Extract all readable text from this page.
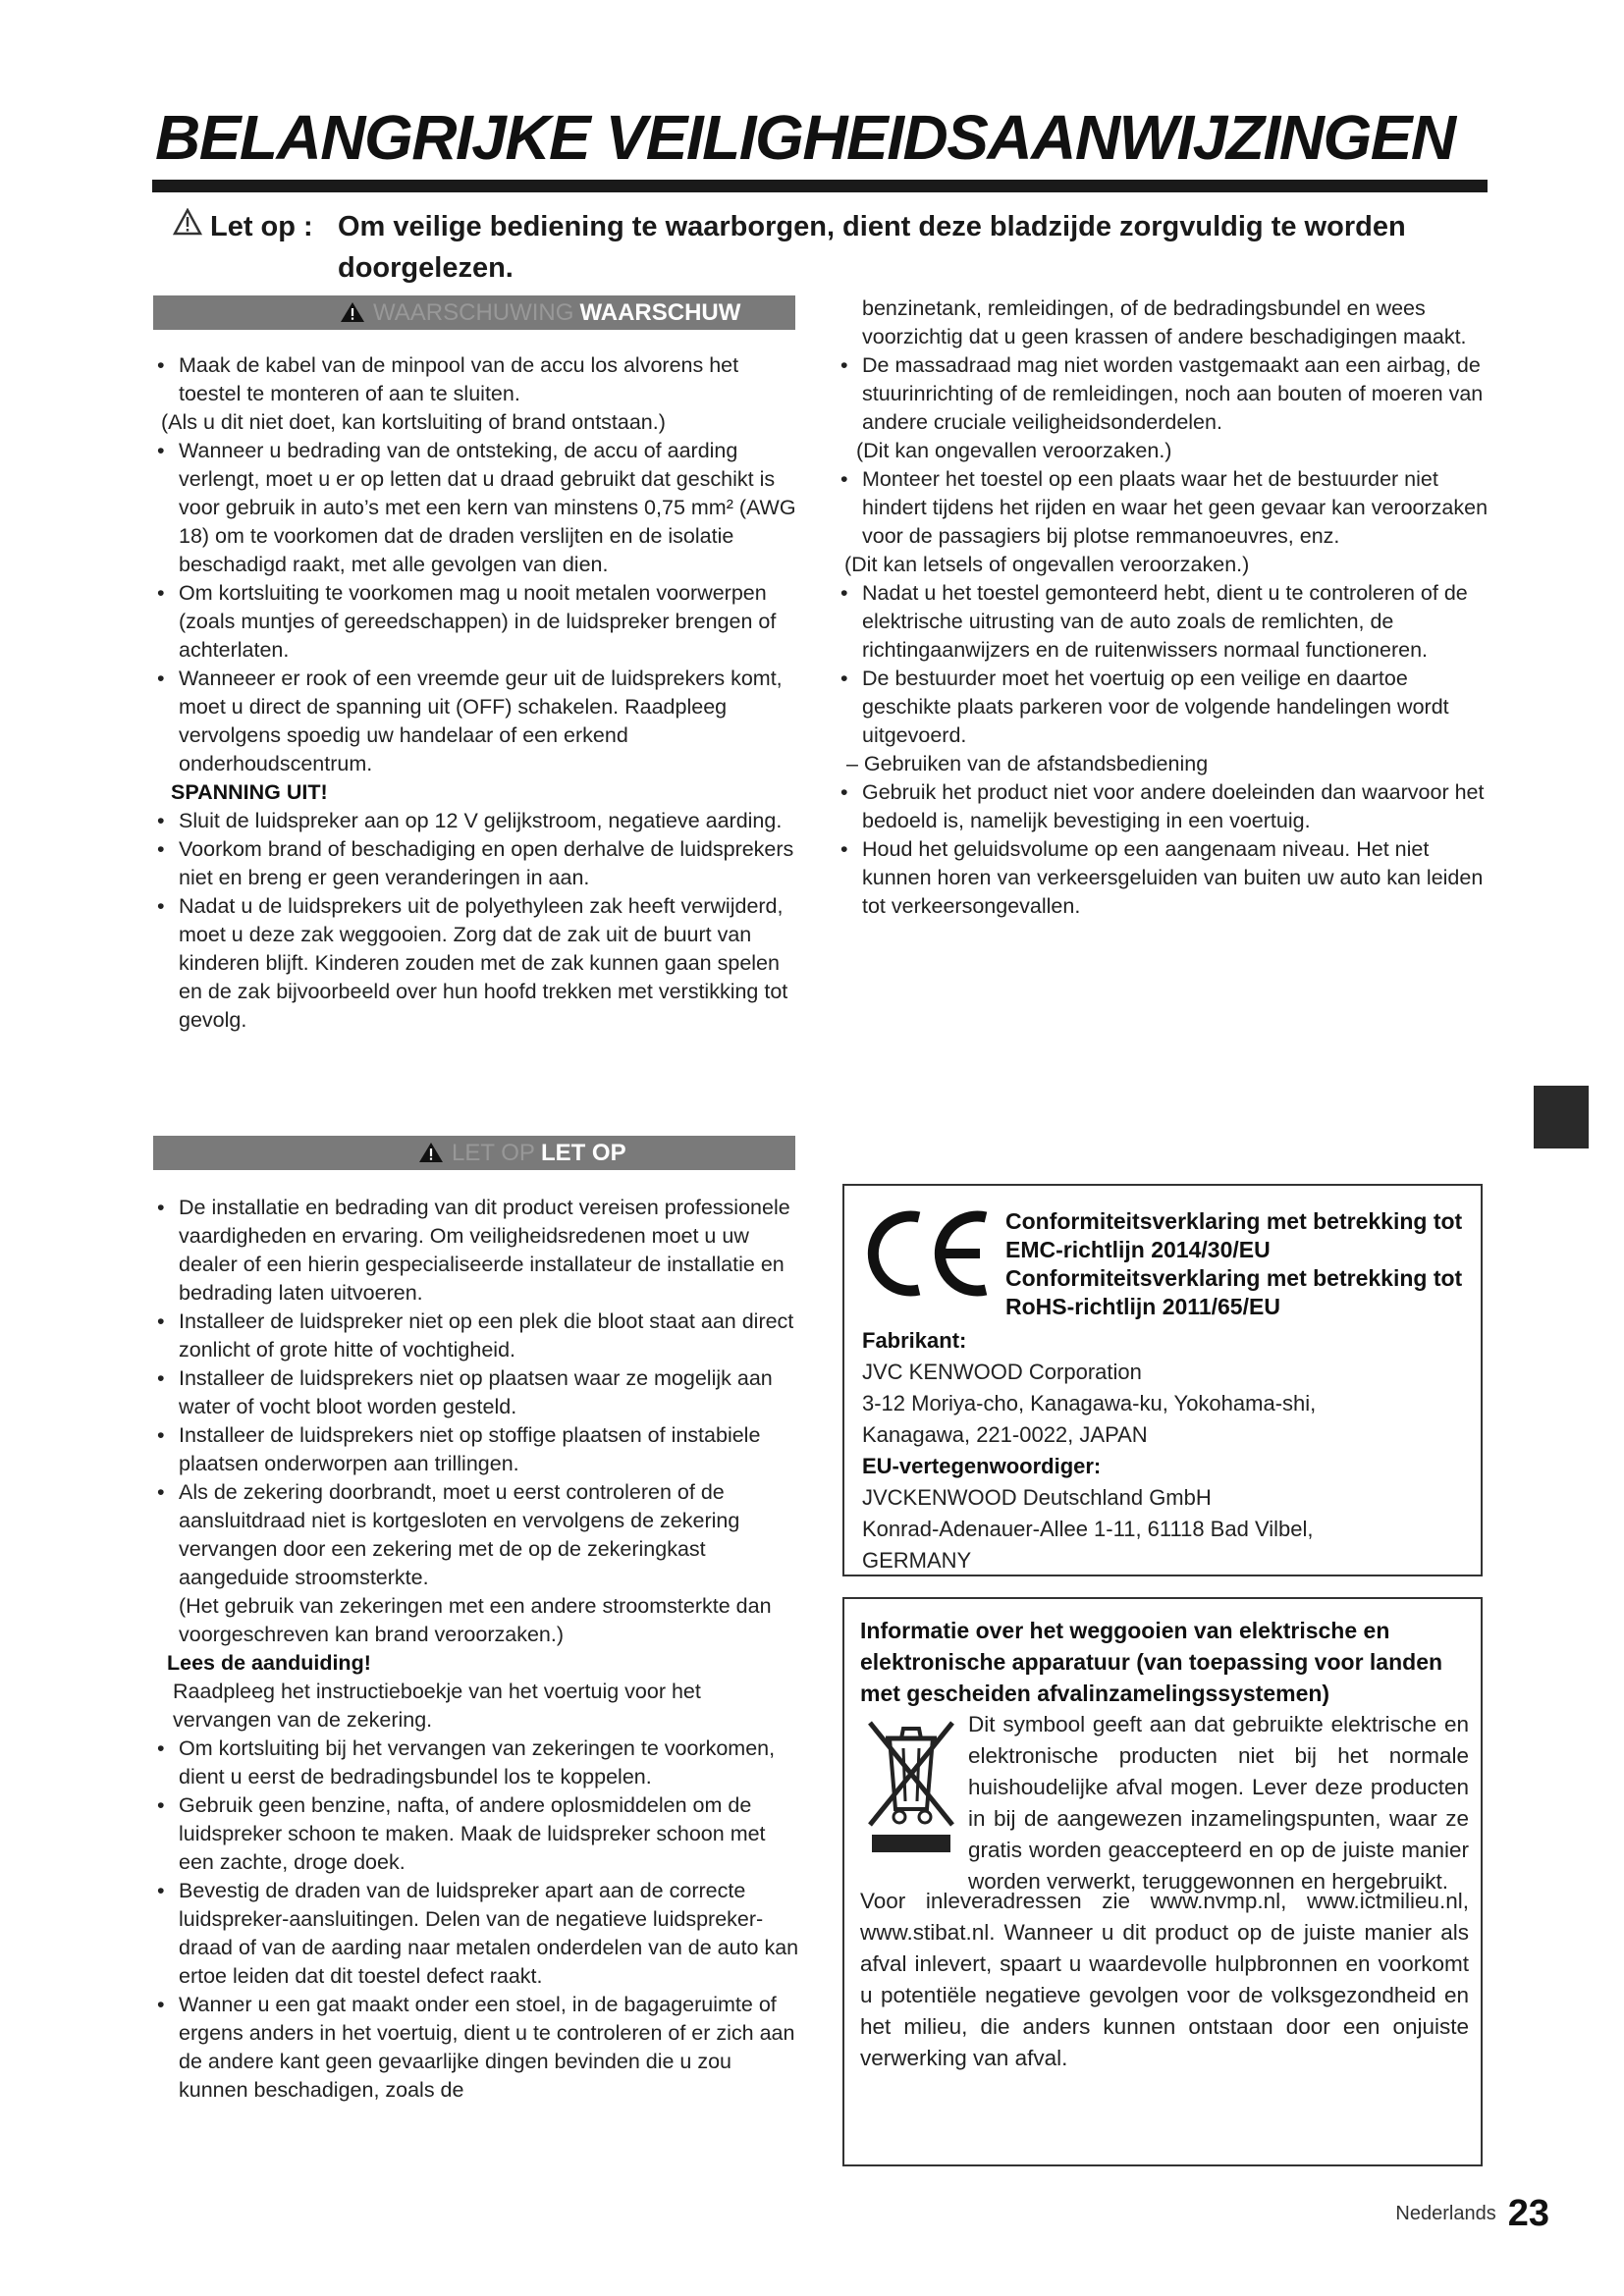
BELANGRIJKE VEILIGHEIDSAANWIJZINGEN
Let op : Om veilige bediening te waarborgen, dient deze bladzijde zorgvuldig te worden doorgelezen.
WAARSCHUWING WAARSCHUW

• Maak de kabel van de minpool van de accu los alvorens het toestel te monteren of aan te sluiten.

(Als u dit niet doet, kan kortsluiting of brand ontstaan.)

• Wanneer u bedrading van de ontsteking, de accu of aarding verlengt, moet u er op letten dat u draad gebruikt dat geschikt is voor gebruik in auto’s met een kern van minstens 0,75 mm² (AWG 18) om te voorkomen dat de draden verslijten en de isolatie beschadigd raakt, met alle gevolgen van dien.

• Om kortsluiting te voorkomen mag u nooit metalen voorwerpen (zoals muntjes of gereedschappen) in de luidspreker brengen of achterlaten.

• Wanneeer er rook of een vreemde geur uit de luidsprekers komt, moet u direct de spanning uit (OFF) schakelen. Raadpleeg vervolgens spoedig uw handelaar of een erkend onderhoudscentrum.

SPANNING UIT!

• Sluit de luidspreker aan op 12 V gelijkstroom, negatieve aarding.

• Voorkom brand of beschadiging en open derhalve de luidsprekers niet en breng er geen veranderingen in aan.

• Nadat u de luidsprekers uit de polyethyleen zak heeft verwijderd, moet u deze zak weggooien. Zorg dat de zak uit de buurt van kinderen blijft. Kinderen zouden met de zak kunnen gaan spelen en de zak bijvoorbeeld over hun hoofd trekken met verstikking tot gevolg.

benzinetank, remleidingen, of de bedradingsbundel en wees voorzichtig dat u geen krassen of andere beschadigingen maakt.

• De massadraad mag niet worden vastgemaakt aan een airbag, de stuurinrichting of de remleidingen, noch aan bouten of moeren van andere cruciale veiligheidsonderdelen.

(Dit kan ongevallen veroorzaken.)

• Monteer het toestel op een plaats waar het de bestuurder niet hindert tijdens het rijden en waar het geen gevaar kan veroorzaken voor de passagiers bij plotse remmanoeuvres, enz.

(Dit kan letsels of ongevallen veroorzaken.)

• Nadat u het toestel gemonteerd hebt, dient u te controleren of de elektrische uitrusting van de auto zoals de remlichten, de richtingaanwijzers en de ruitenwissers normaal functioneren.

• De bestuurder moet het voertuig op een veilige en daartoe geschikte plaats parkeren voor de volgende handelingen wordt uitgevoerd.

– Gebruiken van de afstandsbediening

• Gebruik het product niet voor andere doeleinden dan waarvoor het bedoeld is, namelijk bevestiging in een voertuig.

• Houd het geluidsvolume op een aangenaam niveau. Het niet kunnen horen van verkeersgeluiden van buiten uw auto kan leiden tot verkeersongevallen.

LET OP LET OP

• De installatie en bedrading van dit product vereisen professionele vaardigheden en ervaring. Om veiligheidsredenen moet u uw dealer of een hierin gespecialiseerde installateur de installatie en bedrading laten uitvoeren.

• Installeer de luidspreker niet op een plek die bloot staat aan direct zonlicht of grote hitte of vochtigheid.

• Installeer de luidsprekers niet op plaatsen waar ze mogelijk aan water of vocht bloot worden gesteld.

• Installeer de luidsprekers niet op stoffige plaatsen of instabiele plaatsen onderworpen aan trillingen.

• Als de zekering doorbrandt, moet u eerst controleren of de aansluitdraad niet is kortgesloten en vervolgens de zekering vervangen door een zekering met de op de zekeringkast aangeduide stroomsterkte.

(Het gebruik van zekeringen met een andere stroomsterkte dan voorgeschreven kan brand veroorzaken.)

Lees de aanduiding!

Raadpleeg het instructieboekje van het voertuig voor het vervangen van de zekering.

• Om kortsluiting bij het vervangen van zekeringen te voorkomen, dient u eerst de bedradingsbundel los te koppelen.

• Gebruik geen benzine, nafta, of andere oplosmiddelen om de luidspreker schoon te maken. Maak de luidspreker schoon met een zachte, droge doek.

• Bevestig de draden van de luidspreker apart aan de correcte luidspreker-aansluitingen. Delen van de negatieve luidspreker-draad of van de aarding naar metalen onderdelen van de auto kan ertoe leiden dat dit toestel defect raakt.

• Wanner u een gat maakt onder een stoel, in de bagageruimte of ergens anders in het voertuig, dient u te controleren of er zich aan de andere kant geen gevaarlijke dingen bevinden die u zou kunnen beschadigen, zoals de

Conformiteitsverklaring met betrekking tot EMC-richtlijn 2014/30/EU
Conformiteitsverklaring met betrekking tot RoHS-richtlijn 2011/65/EU
Fabrikant:
JVC KENWOOD Corporation
3-12 Moriya-cho, Kanagawa-ku, Yokohama-shi,
Kanagawa, 221-0022, JAPAN
EU-vertegenwoordiger:
JVCKENWOOD Deutschland GmbH
Konrad-Adenauer-Allee 1-11, 61118 Bad Vilbel,
GERMANY
Informatie over het weggooien van elektrische en elektronische apparatuur (van toepassing voor landen met gescheiden afvalinzamelingssystemen)
Dit symbool geeft aan dat gebruikte elektrische en elektronische producten niet bij het normale huishoudelijke afval mogen. Lever deze producten in bij de aangewezen inzamelingspunten, waar ze gratis worden geaccepteerd en op de juiste manier worden verwerkt, teruggewonnen en hergebruikt.
Voor inleveradressen zie www.nvmp.nl, www.ictmilieu.nl, www.stibat.nl. Wanneer u dit product op de juiste manier als afval inlevert, spaart u waardevolle hulpbronnen en voorkomt u potentiële negatieve gevolgen voor de volksgezondheid en het milieu, die anders kunnen ontstaan door een onjuiste verwerking van afval.
Nederlands 23
